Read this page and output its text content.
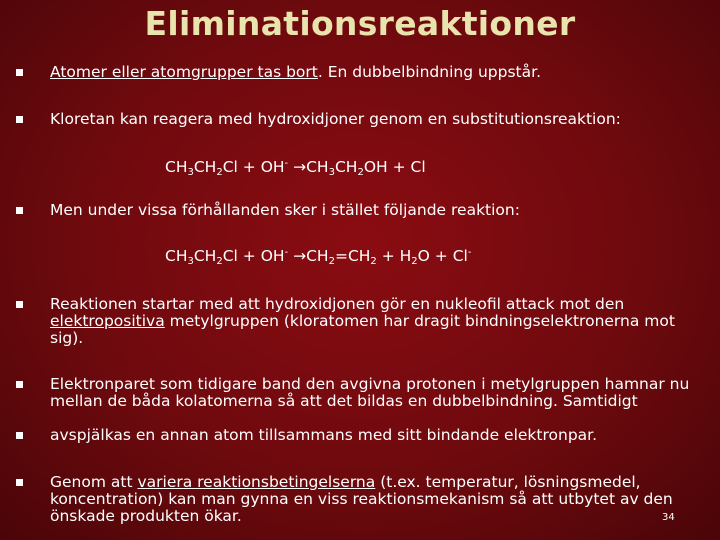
Eliminationsreaktioner
Atomer eller atomgrupper tas bort. En dubbelbindning uppstår.
Kloretan kan reagera med hydroxidjoner genom en substitutionsreaktion:
$CH_3CH_2Cl + OH^- \to CH_3CH_2OH + Cl$
Men under vissa förhållanden sker i stället följande reaktion:
$CH_3CH_2Cl + OH^- \to CH_2=CH_2 + H_2O + Cl^-$
Reaktionen startar med att hydroxidjonen gör en nukleofil attack mot den
elektropositiva metylgruppen (kloratomen har dragit bindningselektronerna mot sig).
Elektronparet som tidigare band den avgivna protonen i metylgruppen hamnar nu mellan de båda kolatomerna så att det bildas en dubbelbindning. Samtidigt
avspjälkas en annan atom tillsammans med sitt bindande elektronpar.
Genom att variera reaktionsbetingelserna (t.ex. temperatur, lösningsmedel, koncentration) kan man gynna en viss reaktionsmekanism så att utbytet av den önskade produkten ökar.	34
